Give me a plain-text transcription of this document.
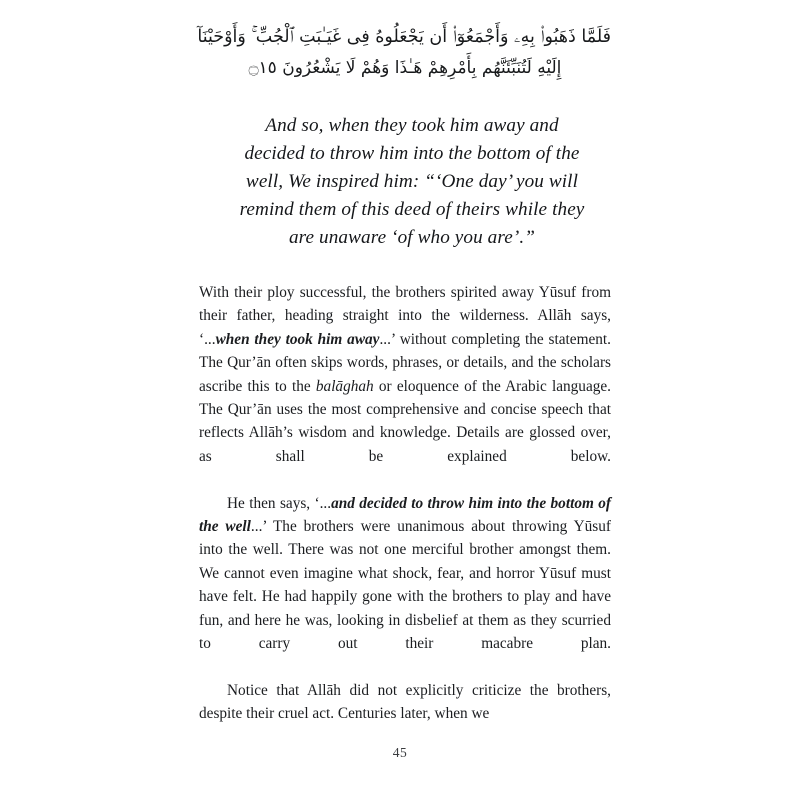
فَلَمَّا ذَهَبُوا۟ بِهِۦ وَأَجْمَعُوٓا۟ أَن يَجْعَلُوهُ فِى غَيَـٰبَتِ ٱلْجُبِّ ۚ وَأَوْحَيْنَآ
إِلَيْهِ لَتُنَبِّئَنَّهُم بِأَمْرِهِمْ هَـٰذَا وَهُمْ لَا يَشْعُرُونَ ۝١٥
And so, when they took him away and
decided to throw him into the bottom of the
well, We inspired him: “‘One day’ you will
remind them of this deed of theirs while they
are unaware ‘of who you are’.”

With their ploy successful, the brothers spirited away Yūsuf from their father, heading straight into the wilderness. Allāh says, ‘...when they took him away...’ without completing the statement. The Qur’ān often skips words, phrases, or details, and the scholars ascribe this to the balāghah or eloquence of the Arabic language. The Qur’ān uses the most comprehensive and concise speech that reflects Allāh’s wisdom and knowledge. Details are glossed over, as shall be explained below.

He then says, ‘...and decided to throw him into the bottom of the well...’ The brothers were unanimous about throwing Yūsuf into the well. There was not one merciful brother amongst them. We cannot even imagine what shock, fear, and horror Yūsuf must have felt. He had happily gone with the brothers to play and have fun, and here he was, looking in disbelief at them as they scurried to carry out their macabre plan.

Notice that Allāh did not explicitly criticize the brothers, despite their cruel act. Centuries later, when we

45
